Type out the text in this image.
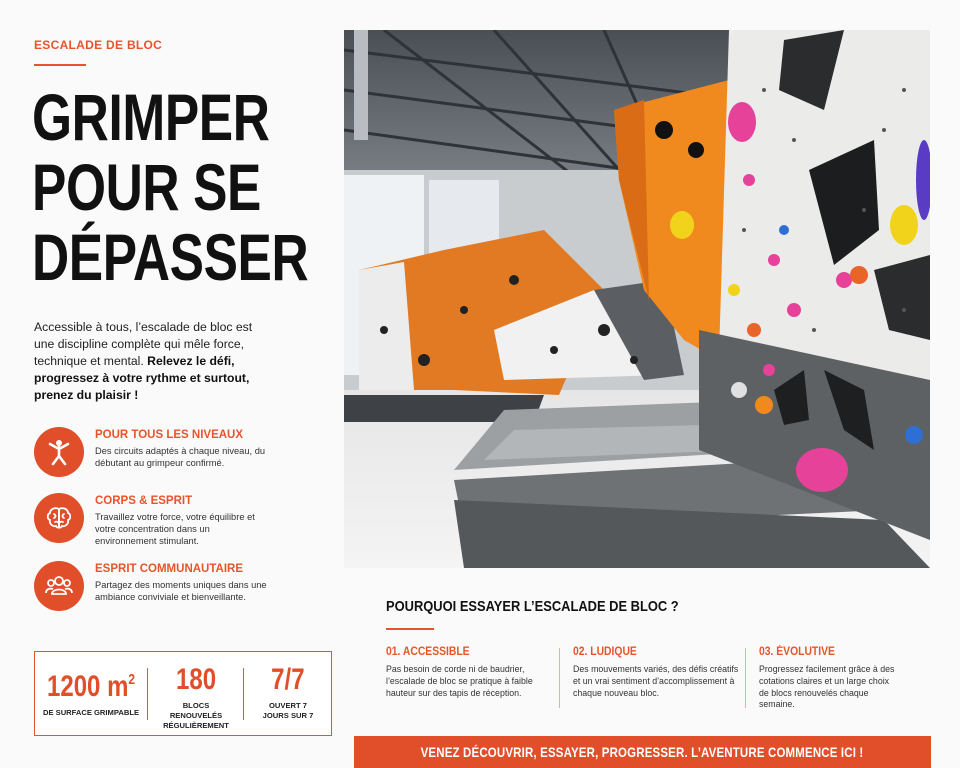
ESCALADE DE BLOC
GRIMPER
POUR SE
DÉPASSER

Accessible à tous, l’escalade de bloc est une discipline complète qui mêle force, technique et mental. Relevez le défi, progressez à votre rythme et surtout, prenez du plaisir !

POUR TOUS LES NIVEAUX
Des circuits adaptés à chaque niveau, du débutant au grimpeur confirmé.
CORPS & ESPRIT
Travaillez votre force, votre équilibre et votre concentration dans un environnement stimulant.
ESPRIT COMMUNAUTAIRE
Partagez des moments uniques dans une ambiance conviviale et bienveillante.
1200 $m^2$
DE SURFACE GRIMPABLE
180
BLOCS RENOUVELÉS RÉGULIÈREMENT
7/7
OUVERT 7 JOURS SUR 7
POURQUOI ESSAYER L’ESCALADE DE BLOC ?
01. ACCESSIBLE
Pas besoin de corde ni de baudrier, l’escalade de bloc se pratique à faible hauteur sur des tapis de réception.
02. LUDIQUE
Des mouvements variés, des défis créatifs et un vrai sentiment d’accomplissement à chaque nouveau bloc.
03. ÉVOLUTIVE
Progressez facilement grâce à des cotations claires et un large choix de blocs renouvelés chaque semaine.
VENEZ DÉCOUVRIR, ESSAYER, PROGRESSER. L’AVENTURE COMMENCE ICI !
